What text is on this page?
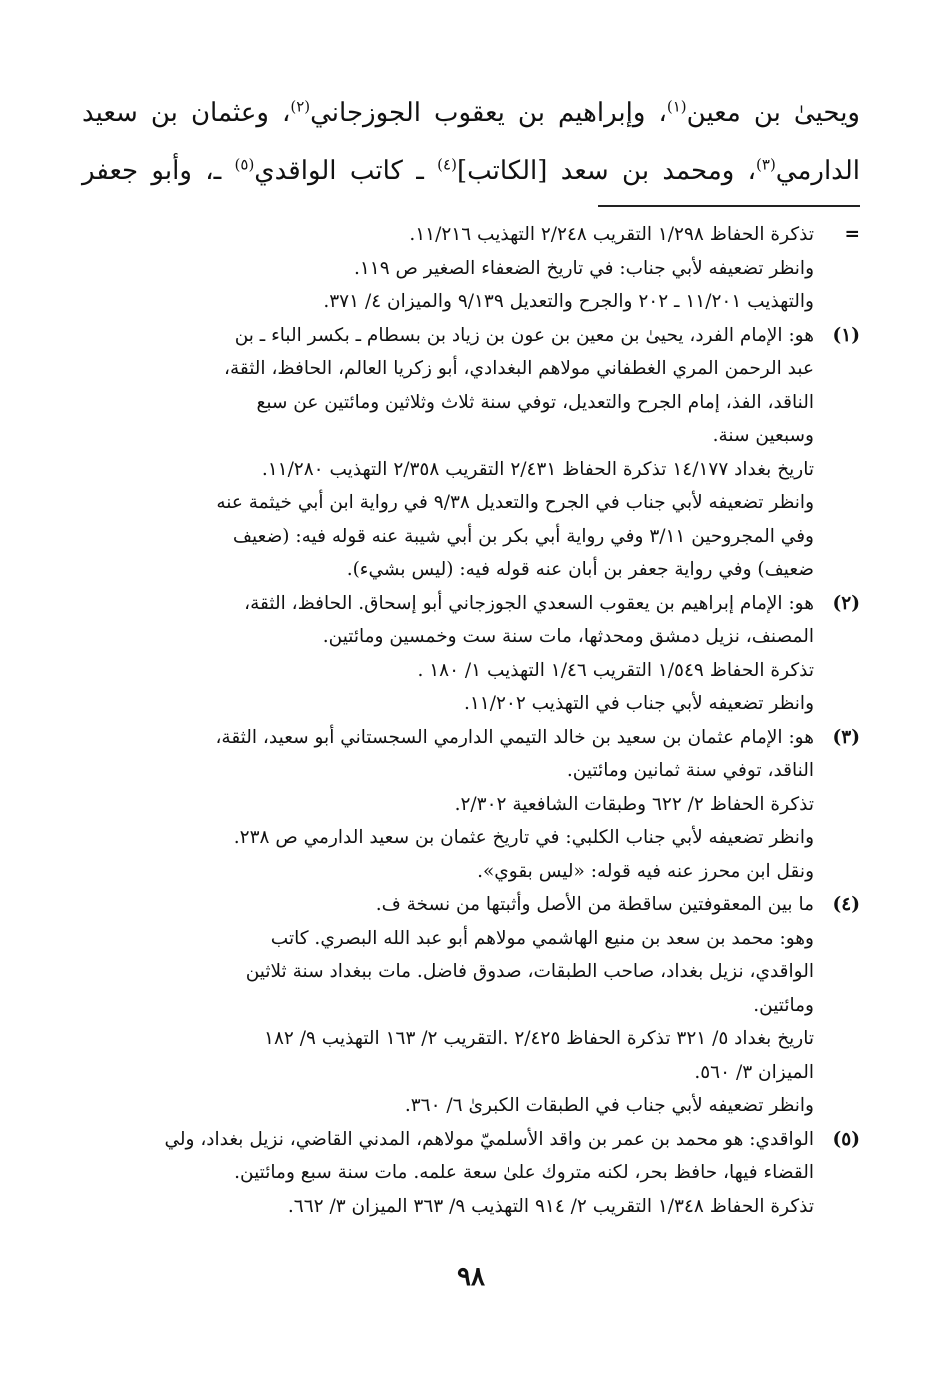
ويحيىٰ بن معين$^{(١)}$، وإبراهيم بن يعقوب الجوزجاني$^{(٢)}$، وعثمان بن سعيد
الدارمي$^{(٣)}$، ومحمد بن سعد [الكاتب]$^{(٤)}$ ـ كاتب الواقدي$^{(٥)}$ ـ، وأبو جعفر
=
تذكرة الحفاظ ١/٢٩٨ التقريب ٢/٢٤٨ التهذيب ١١/٢١٦.
وانظر تضعيفه لأبي جناب: في تاريخ الضعفاء الصغير ص ١١٩.
والتهذيب ١١/٢٠١ ـ ٢٠٢ والجرح والتعديل ٩/١٣٩ والميزان ٤/ ٣٧١.
(١)
هو: الإمام الفرد، يحيىٰ بن معين بن عون بن زياد بن بسطام ـ بكسر الباء ـ بن
عبد الرحمن المري الغطفاني مولاهم البغدادي، أبو زكريا العالم، الحافظ، الثقة،
الناقد، الفذ، إمام الجرح والتعديل، توفي سنة ثلاث وثلاثين ومائتين عن سبع
وسبعين سنة.
تاريخ بغداد ١٤/١٧٧ تذكرة الحفاظ ٢/٤٣١ التقريب ٢/٣٥٨ التهذيب ١١/٢٨٠.
وانظر تضعيفه لأبي جناب في الجرح والتعديل ٩/٣٨ في رواية ابن أبي خيثمة عنه
وفي المجروحين ٣/١١ وفي رواية أبي بكر بن أبي شيبة عنه قوله فيه: (ضعيف
ضعيف) وفي رواية جعفر بن أبان عنه قوله فيه: (ليس بشيء).
(٢)
هو: الإمام إبراهيم بن يعقوب السعدي الجوزجاني أبو إسحاق. الحافظ، الثقة،
المصنف، نزيل دمشق ومحدثها، مات سنة ست وخمسين ومائتين.
تذكرة الحفاظ ١/٥٤٩ التقريب ١/٤٦ التهذيب ١/ ١٨٠ .
وانظر تضعيفه لأبي جناب في التهذيب ١١/٢٠٢.
(٣)
هو: الإمام عثمان بن سعيد بن خالد التيمي الدارمي السجستاني أبو سعيد، الثقة،
الناقد، توفي سنة ثمانين ومائتين.
تذكرة الحفاظ ٢/ ٦٢٢ وطبقات الشافعية ٢/٣٠٢.
وانظر تضعيفه لأبي جناب الكلبي: في تاريخ عثمان بن سعيد الدارمي ص ٢٣٨.
ونقل ابن محرز عنه فيه قوله: «ليس بقوي».
(٤)
ما بين المعقوفتين ساقطة من الأصل وأثبتها من نسخة ف.
وهو: محمد بن سعد بن منيع الهاشمي مولاهم أبو عبد الله البصري. كاتب
الواقدي، نزيل بغداد، صاحب الطبقات، صدوق فاضل. مات ببغداد سنة ثلاثين
ومائتين.
تاريخ بغداد ٥/ ٣٢١ تذكرة الحفاظ ٢/٤٢٥ .التقريب ٢/ ١٦٣ التهذيب ٩/ ١٨٢
الميزان ٣/ ٥٦٠.
وانظر تضعيفه لأبي جناب في الطبقات الكبرىٰ ٦/ ٣٦٠.
(٥)
الواقدي: هو محمد بن عمر بن واقد الأسلميّ مولاهم، المدني القاضي، نزيل بغداد، ولي
القضاء فيها، حافظ بحر، لكنه متروك علىٰ سعة علمه. مات سنة سبع ومائتين.
تذكرة الحفاظ ١/٣٤٨ التقريب ٢/ ٩١٤ التهذيب ٩/ ٣٦٣ الميزان ٣/ ٦٦٢.
٩٨
